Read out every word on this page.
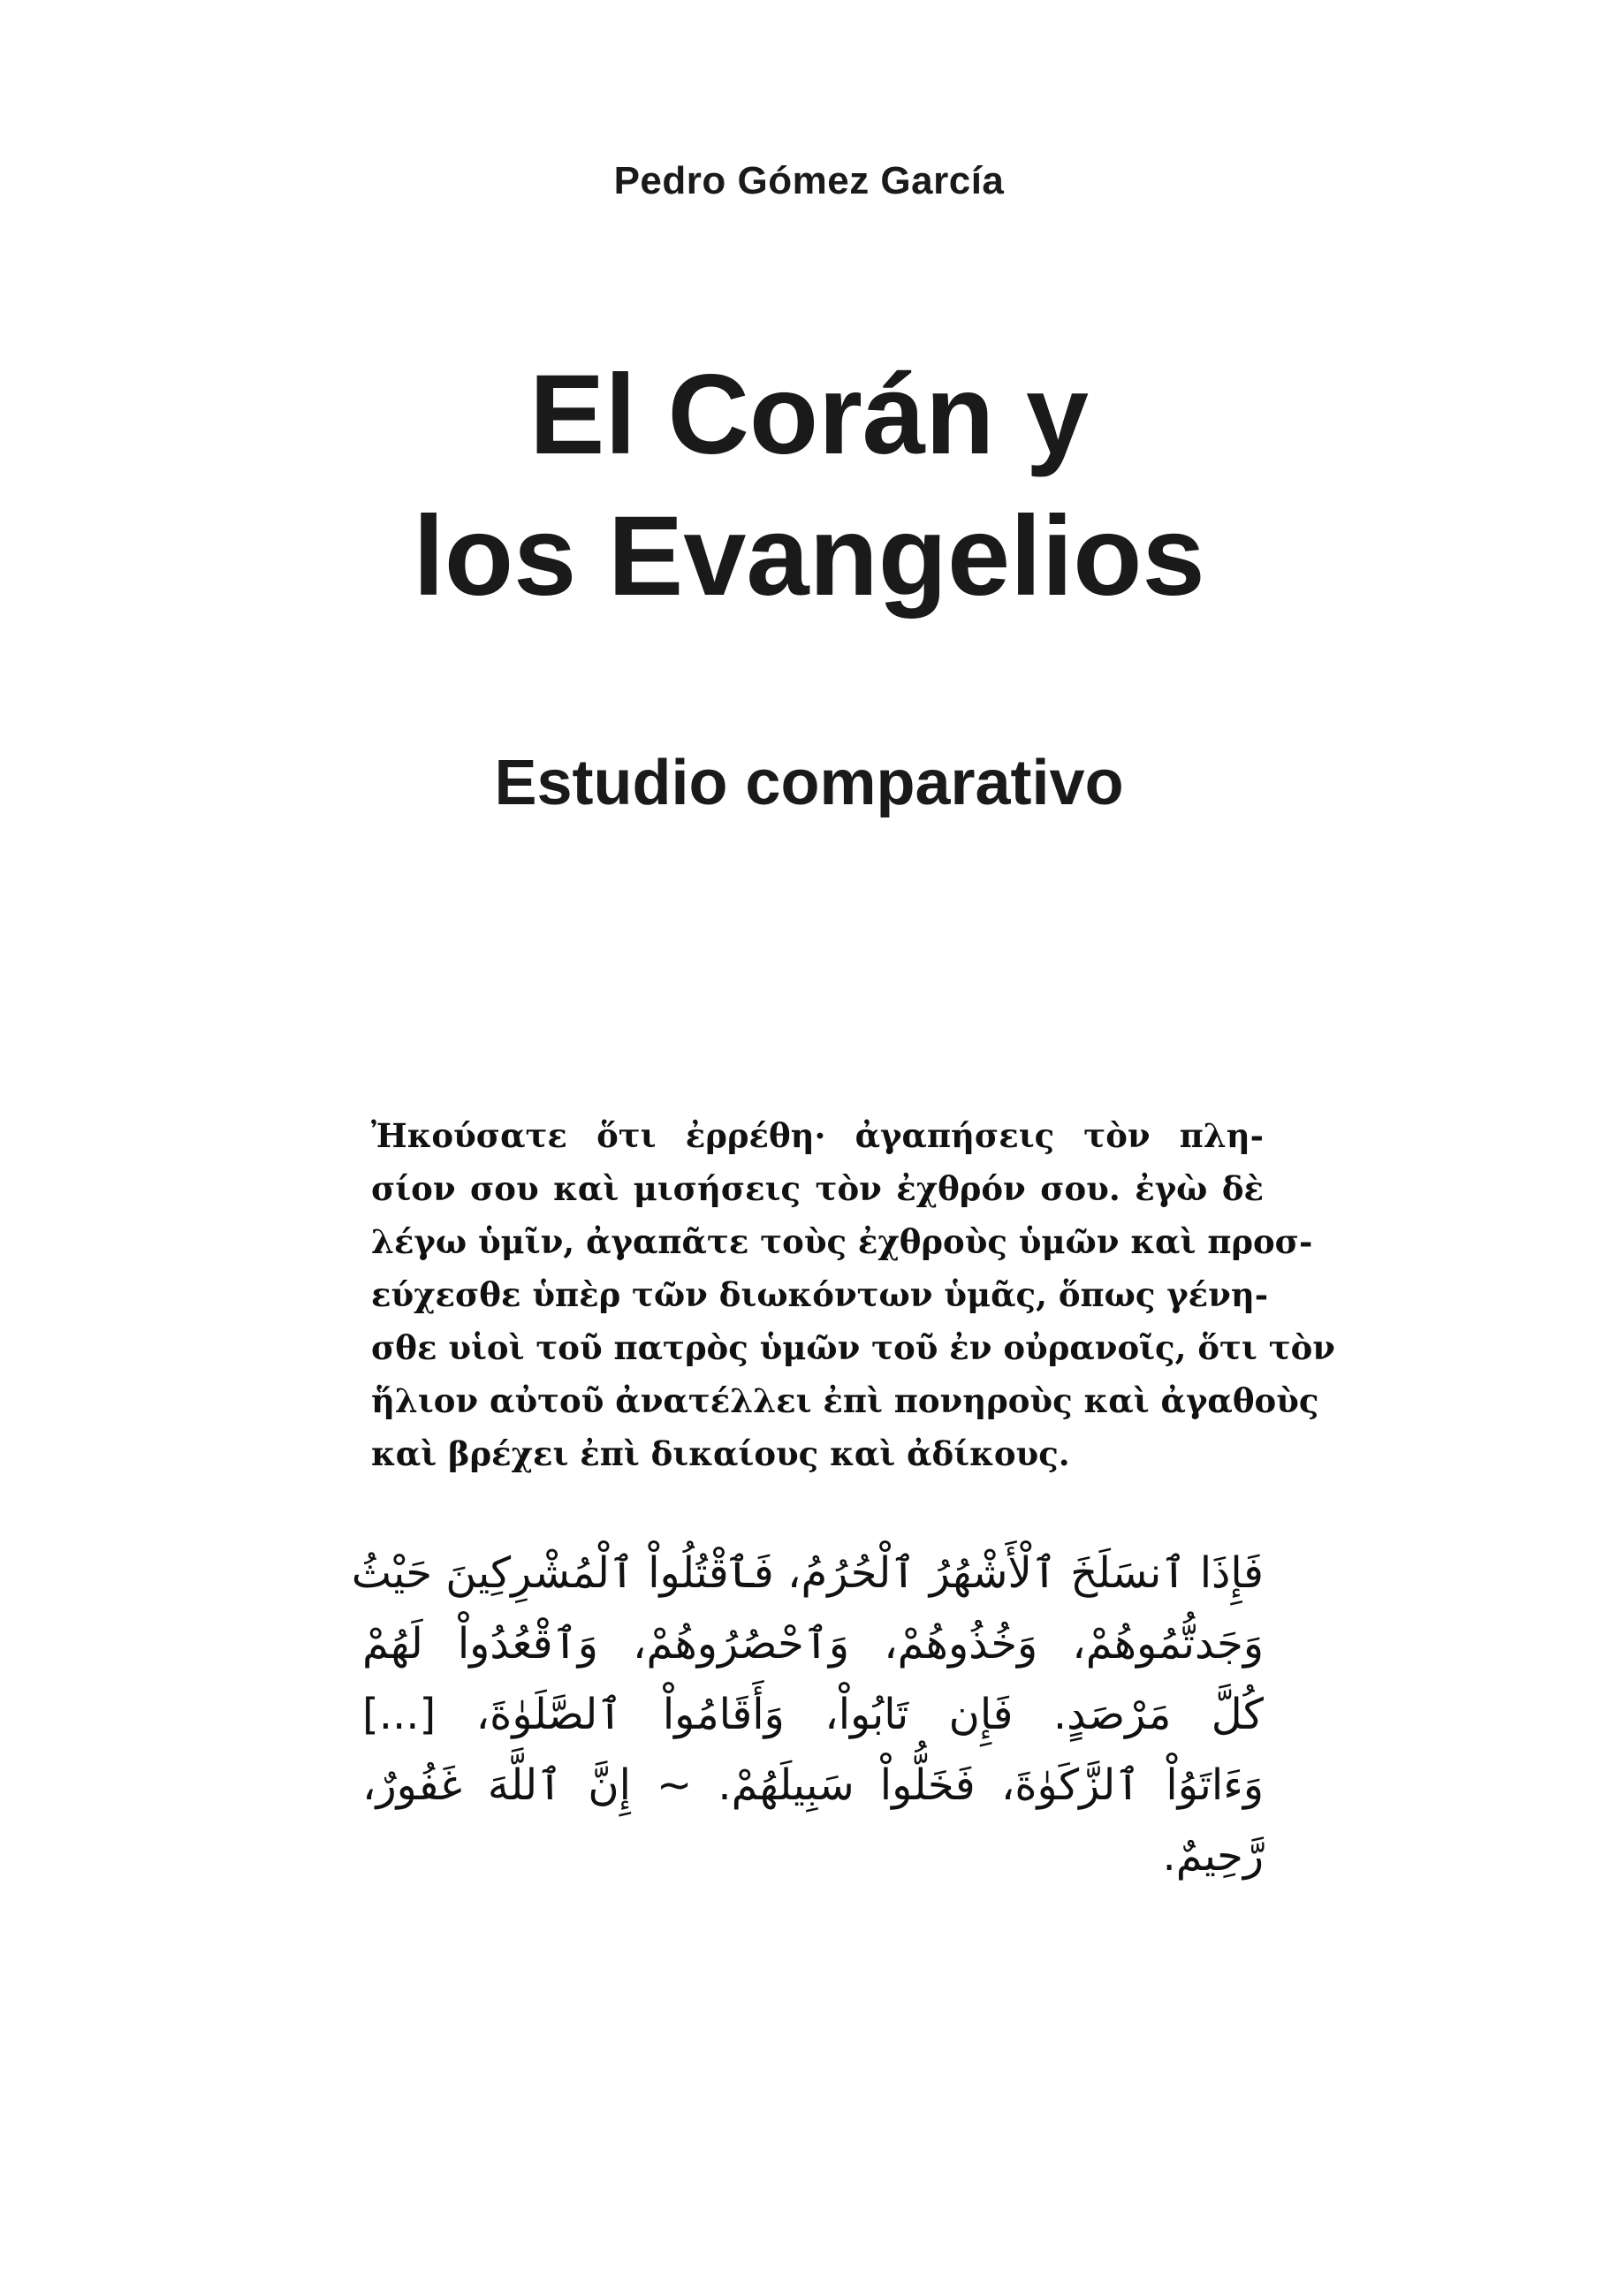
Pedro Gómez García
El Corán y
los Evangelios
Estudio comparativo
Ἠκούσατε ὅτι ἐρρέθη· ἀγαπήσεις τὸν πλη-
σίον σου καὶ μισήσεις τὸν ἐχθρόν σου. ἐγὼ δὲ
λέγω ὑμῖν, ἀγαπᾶτε τοὺς ἐχθροὺς ὑμῶν καὶ προσ-
εύχεσθε ὑπὲρ τῶν διωκόντων ὑμᾶς, ὅπως γένη-
σθε υἱοὶ τοῦ πατρὸς ὑμῶν τοῦ ἐν οὐρανοῖς, ὅτι τὸν
ἥλιον αὐτοῦ ἀνατέλλει ἐπὶ πονηροὺς καὶ ἀγαθοὺς
καὶ βρέχει ἐπὶ δικαίους καὶ ἀδίκους.
فَإِذَا ٱنسَلَخَ ٱلْأَشْهُرُ ٱلْحُرُمُ، فَٱقْتُلُواْ ٱلْمُشْرِكِينَ حَيْثُ
وَجَدتُّمُوهُمْ، وَخُذُوهُمْ، وَٱحْصُرُوهُمْ، وَٱقْعُدُواْ لَهُمْ
كُلَّ مَرْصَدٍ. فَإِن تَابُواْ، وَأَقَامُواْ ٱلصَّلَوٰةَ، [...]
وَءَاتَوُاْ ٱلزَّكَوٰةَ، فَخَلُّواْ سَبِيلَهُمْ. ~ إِنَّ ٱللَّهَ غَفُورٌ،
رَّحِيمٌ.
